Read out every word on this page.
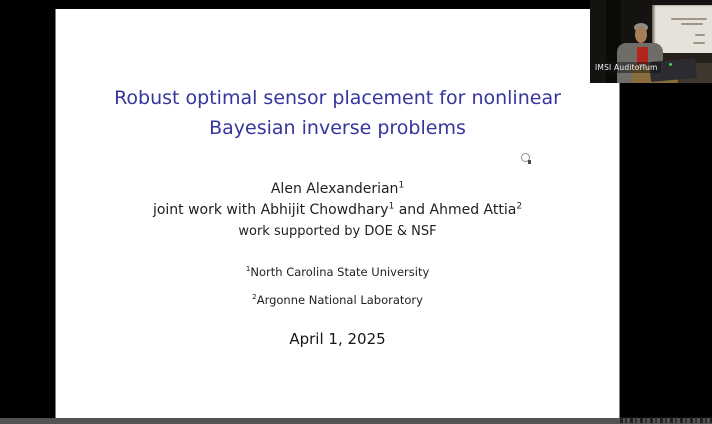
Robust optimal sensor placement for nonlinear
Bayesian inverse problems
Alen Alexanderian$^1$
joint work with Abhijit Chowdhary$^1$ and Ahmed Attia$^2$
work supported by DOE & NSF
$^1$North Carolina State University
$^2$Argonne National Laboratory
April 1, 2025
IMSI Auditorium
